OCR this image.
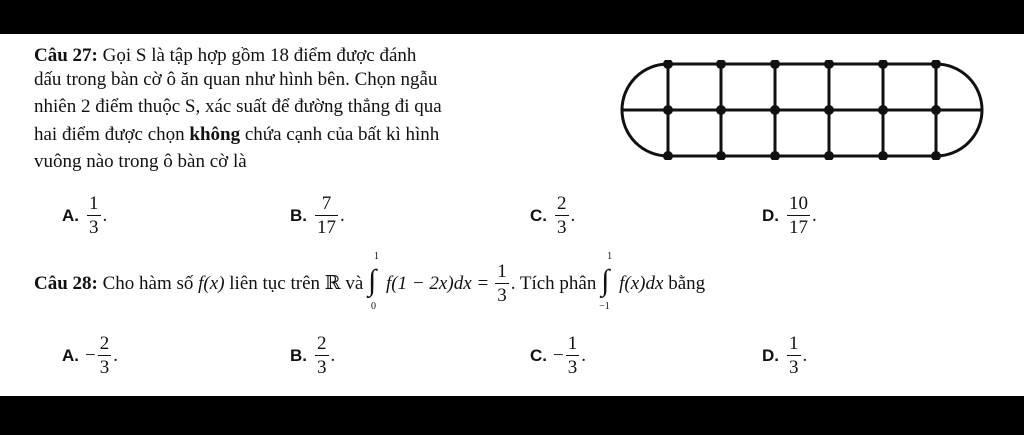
Câu 27: Gọi S là tập hợp gồm 18 điểm được đánh
dấu trong bàn cờ ô ăn quan như hình bên. Chọn ngẫu
nhiên 2 điểm thuộc S, xác suất để đường thẳng đi qua
hai điểm được chọn không chứa cạnh của bất kì hình
vuông nào trong ô bàn cờ là
A. $\frac{1}{3}$ .	B. $\frac{7}{17}$ .	C. $\frac{2}{3}$ .	D. $\frac{10}{17}$ .
Câu 28: Cho hàm số f(x) liên tục trên ℝ và ∫
1
0
$f(1 - 2x)dx = \frac{1}{3}$ . Tích phân ∫
1
−1
f(x)dx bằng
A. − $\frac{2}{3}$ .	B. $\frac{2}{3}$ .	C. − $\frac{1}{3}$ .	D. $\frac{1}{3}$ .
